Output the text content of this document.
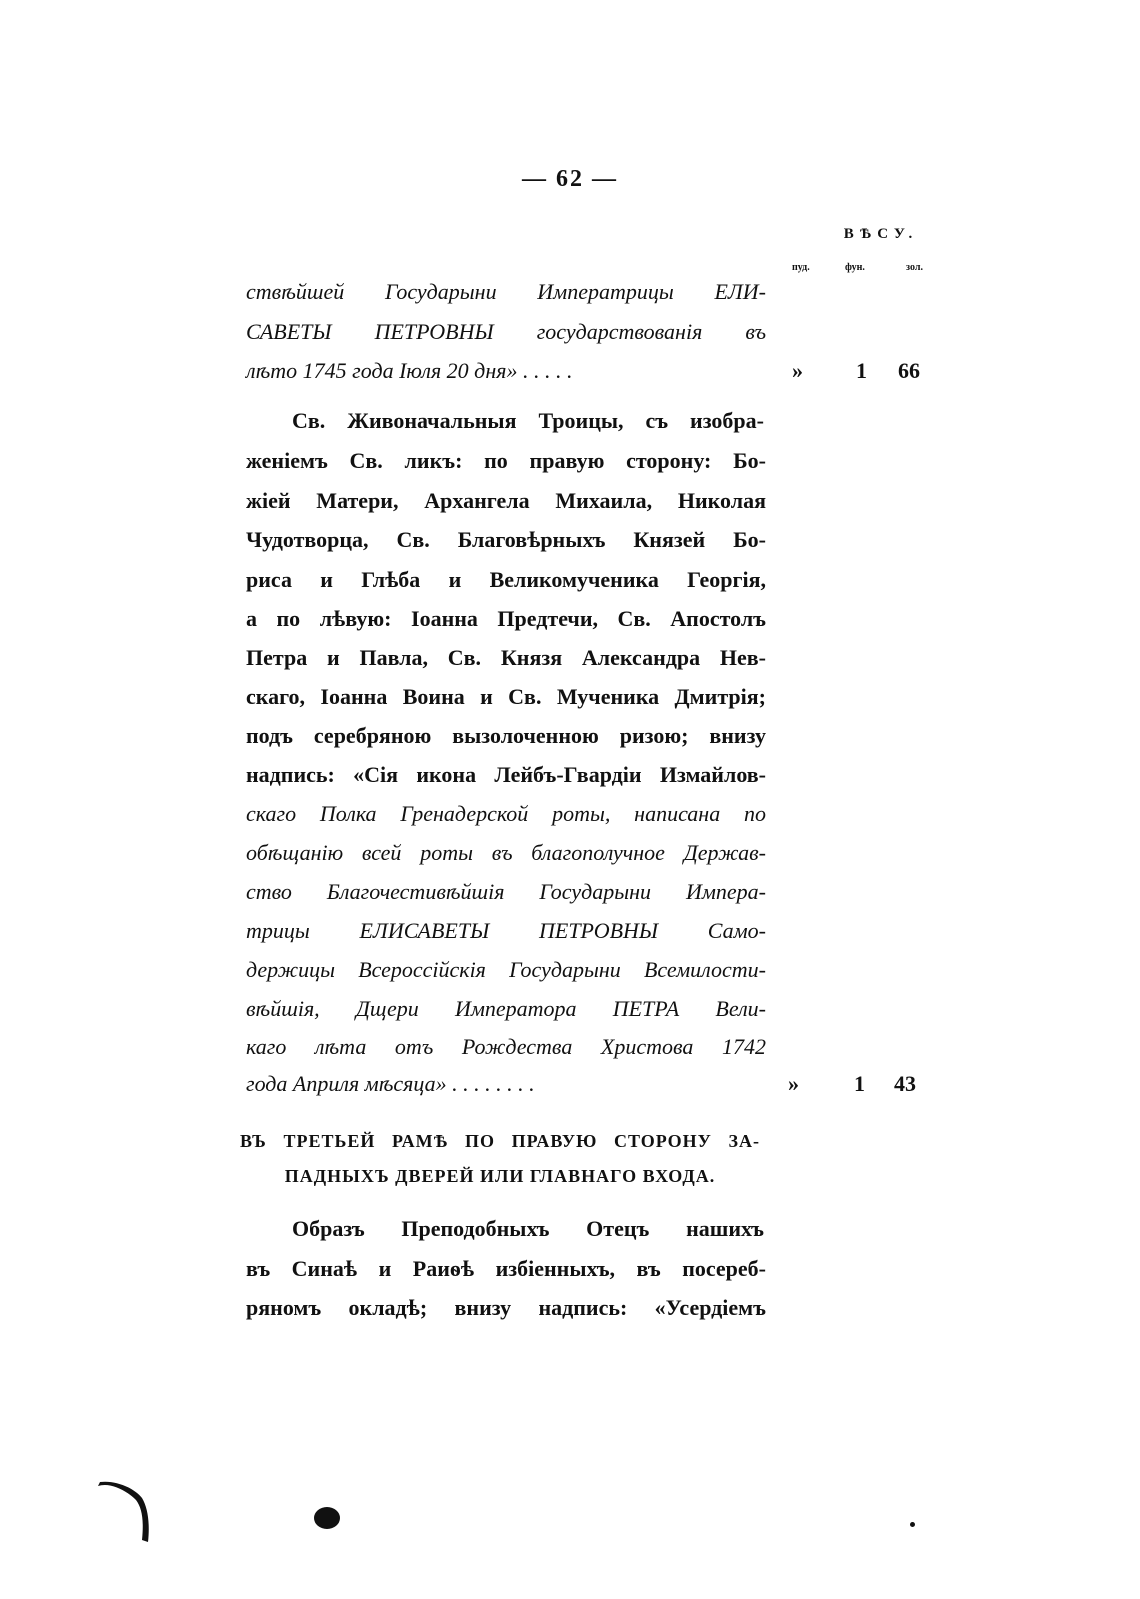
— 62 —
ВѢСУ.
пуд.	фун.	зол.
ствѣйшей Государыни Императрицы ЕЛИ-
САВЕТЫ ПЕТРОВНЫ государствованія въ
лѣто 1745 года Іюля 20 дня» . . . . .	» 1 66
Св. Живоначальныя Троицы, съ изобра-
женіемъ Св. ликъ: по правую сторону: Бо-
жіей Матери, Архангела Михаила, Николая
Чудотворца, Св. Благовѣрныхъ Князей Бо-
риса и Глѣба и Великомученика Георгія,
а по лѣвую: Іоанна Предтечи, Св. Апостолъ
Петра и Павла, Св. Князя Александра Нев-
скаго, Іоанна Воина и Св. Мученика Дмитрія;
подъ серебряною вызолоченною ризою; внизу
надпись: «Сія икона Лейбъ-Гвардіи Измайлов-
скаго Полка Гренадерской роты, написана по
обѣщанію всей роты въ благополучное Держав-
ство Благочестивѣйшія Государыни Импера-
трицы ЕЛИСАВЕТЫ ПЕТРОВНЫ Само-
держицы Всероссійскія Государыни Всемилости-
вѣйшія, Дщери Императора ПЕТРА Вели-
каго лѣта отъ Рождества Христова 1742
года Априля мѣсяца» . . . . . . . .	»	1 43
ВЪ ТРЕТЬЕЙ РАМѢ ПО ПРАВУЮ СТОРОНУ ЗА-
ПАДНЫХЪ ДВЕРЕЙ ИЛИ ГЛАВНАГО ВХОДА.
Образъ Преподобныхъ Отецъ нашихъ
въ Синаѣ и Раиѳѣ избіенныхъ, въ посереб-
ряномъ окладѣ; внизу надпись: «Усердіемъ
